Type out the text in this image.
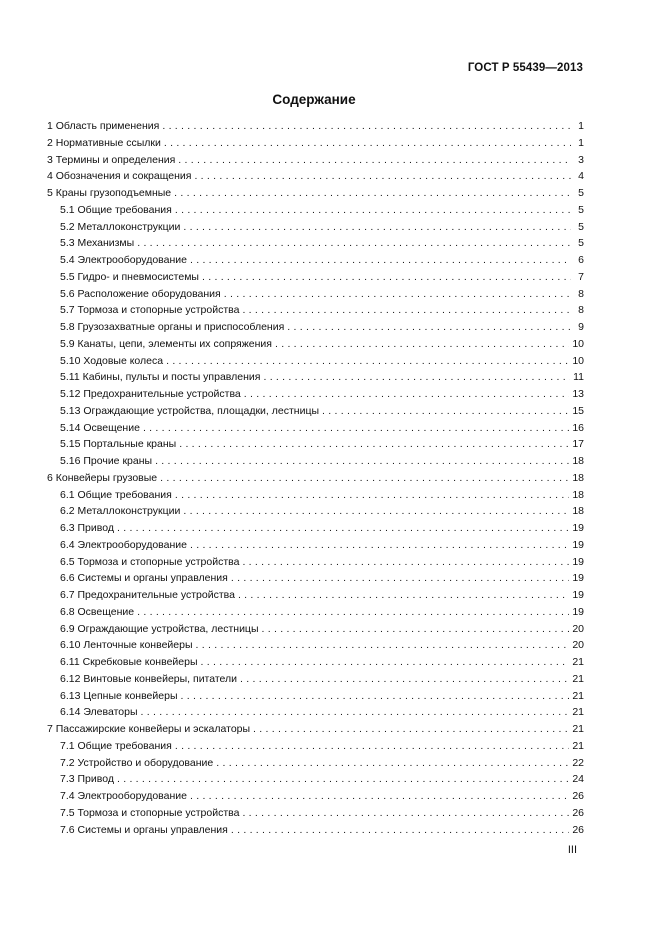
ГОСТ Р 55439—2013
Содержание
1 Область применения . . .	1
2 Нормативные ссылки . . .	1
3 Термины и определения . . .	3
4 Обозначения и сокращения . . .	4
5 Краны грузоподъемные . . .	5
5.1 Общие требования . . .	5
5.2 Металлоконструкции . . .	5
5.3 Механизмы . . .	5
5.4 Электрооборудование . . .	6
5.5 Гидро- и пневмосистемы . . .	7
5.6 Расположение оборудования . . .	8
5.7 Тормоза и стопорные устройства . . .	8
5.8 Грузозахватные органы и приспособления . . .	9
5.9 Канаты, цепи, элементы их сопряжения . . .	10
5.10 Ходовые колеса . . .	10
5.11 Кабины, пульты и посты управления . . .	11
5.12 Предохранительные устройства . . .	13
5.13 Ограждающие устройства, площадки, лестницы . . .	15
5.14 Освещение . . .	16
5.15 Портальные краны . . .	17
5.16 Прочие краны . . .	18
6 Конвейеры грузовые . . .	18
6.1 Общие требования . . .	18
6.2 Металлоконструкции . . .	18
6.3 Привод . . .	19
6.4 Электрооборудование . . .	19
6.5 Тормоза и стопорные устройства . . .	19
6.6 Системы и органы управления . . .	19
6.7 Предохранительные устройства . . .	19
6.8 Освещение . . .	19
6.9 Ограждающие устройства, лестницы . . .	20
6.10 Ленточные конвейеры . . .	20
6.11 Скребковые конвейеры . . .	21
6.12 Винтовые конвейеры, питатели . . .	21
6.13 Цепные конвейеры . . .	21
6.14 Элеваторы . . .	21
7 Пассажирские конвейеры и эскалаторы . . .	21
7.1 Общие требования . . .	21
7.2 Устройство и оборудование . . .	22
7.3 Привод . . .	24
7.4 Электрооборудование . . .	26
7.5 Тормоза и стопорные устройства . . .	26
7.6 Системы и органы управления . . .	26
III
